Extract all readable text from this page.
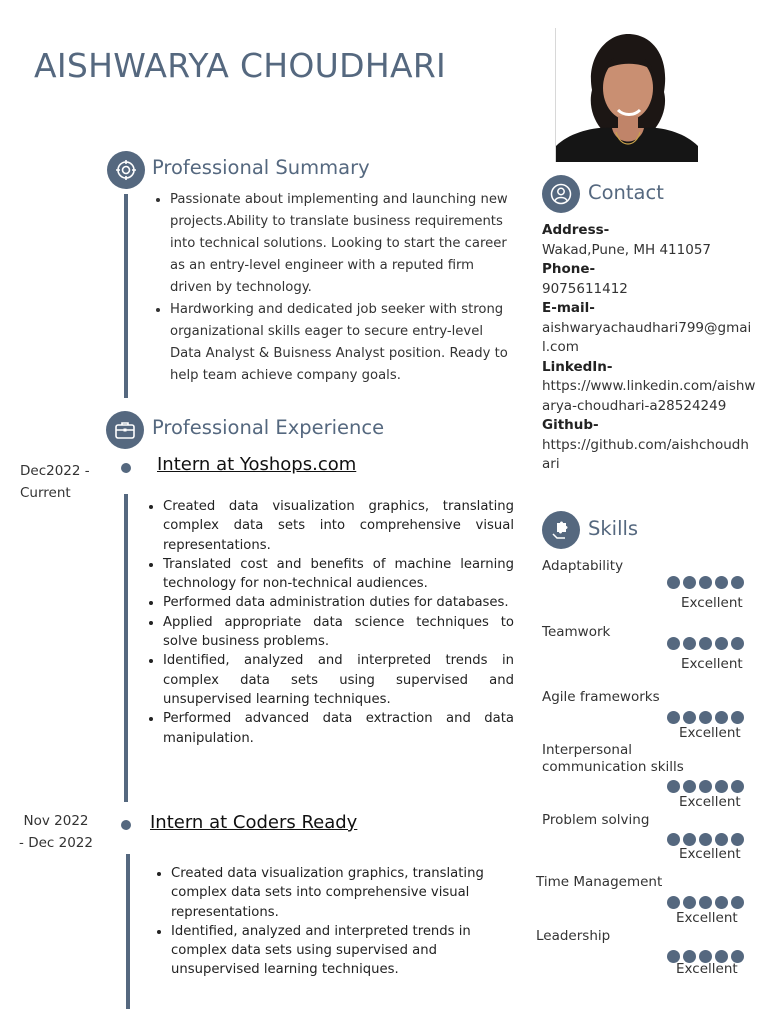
AISHWARYA CHOUDHARI
Professional Summary
• Passionate about implementing and launching new projects.Ability to translate business requirements into technical solutions. Looking to start the career as an entry-level engineer with a reputed firm driven by technology.
• Hardworking and dedicated job seeker with strong organizational skills eager to secure entry-level Data Analyst & Buisness Analyst position. Ready to help team achieve company goals.
Professional Experience
Dec2022 -
Current
Intern at Yoshops.com
• Created data visualization graphics, translating complex data sets into comprehensive visual representations.
• Translated cost and benefits of machine learning technology for non-technical audiences.
• Performed data administration duties for databases.
• Applied appropriate data science techniques to solve business problems.
• Identified, analyzed and interpreted trends in complex data sets using supervised and unsupervised learning techniques.
• Performed advanced data extraction and data manipulation.
Nov 2022
- Dec 2022
Intern at Coders Ready
• Created data visualization graphics, translating complex data sets into comprehensive visual representations.
• Identified, analyzed and interpreted trends in complex data sets using supervised and unsupervised learning techniques.
Contact
Address-
Wakad,Pune, MH 411057
Phone-
9075611412
E-mail-
aishwaryachaudhari799@gmail.com
LinkedIn-
https://www.linkedin.com/aishwarya-choudhari-a28524249
Github-
https://github.com/aishchoudhari
Skills
Adaptability
Excellent
Teamwork
Excellent
Agile frameworks
Excellent
Interpersonal communication skills
Excellent
Problem solving
Excellent
Time Management
Excellent
Leadership
Excellent
